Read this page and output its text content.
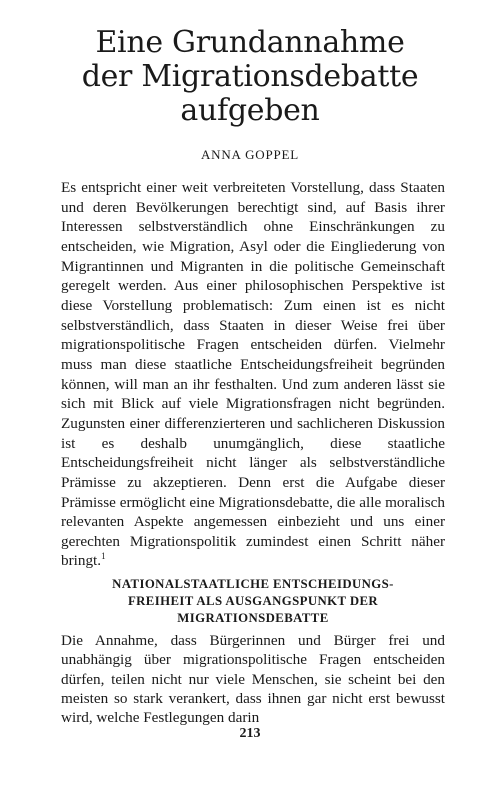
Eine Grundannahme
der Migrationsdebatte
aufgeben
ANNA GOPPEL

Es entspricht einer weit verbreiteten Vorstellung, dass Staaten und deren Bevölkerungen berechtigt sind, auf Basis ihrer Interessen selbstverständlich ohne Einschränkungen zu entscheiden, wie Migration, Asyl oder die Eingliederung von Migrantinnen und Migranten in die politische Gemeinschaft geregelt werden. Aus einer philosophischen Perspektive ist diese Vorstellung problematisch: Zum einen ist es nicht selbstverständlich, dass Staaten in dieser Weise frei über migrationspolitische Fragen entscheiden dürfen. Vielmehr muss man diese staatliche Entscheidungsfreiheit begründen können, will man an ihr festhalten. Und zum anderen lässt sie sich mit Blick auf viele Migrationsfragen nicht begründen. Zugunsten einer differenzierteren und sachlicheren Diskussion ist es deshalb unumgänglich, diese staatliche Entscheidungsfreiheit nicht länger als selbstverständliche Prämisse zu akzeptieren. Denn erst die Aufgabe dieser Prämisse ermöglicht eine Migrationsdebatte, die alle moralisch relevanten Aspekte angemessen einbezieht und uns einer gerechten Migrationspolitik zumindest einen Schritt näher bringt.$^1$

NATIONALSTAATLICHE ENTSCHEIDUNGS-
FREIHEIT ALS AUSGANGSPUNKT DER
MIGRATIONSDEBATTE

Die Annahme, dass Bürgerinnen und Bürger frei und unabhängig über migrationspolitische Fragen entscheiden dürfen, teilen nicht nur viele Menschen, sie scheint bei den meisten so stark verankert, dass ihnen gar nicht erst bewusst wird, welche Festlegungen darin

213
